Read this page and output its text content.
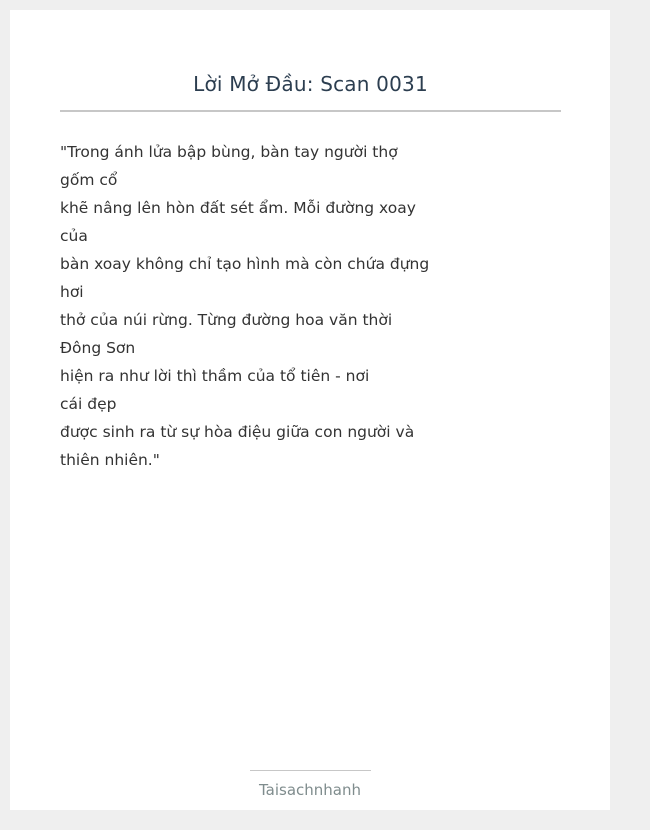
Lời Mở Đầu: Scan 0031
"Trong ánh lửa bập bùng, bàn tay người thợ
gốm cổ
khẽ nâng lên hòn đất sét ẩm. Mỗi đường xoay
của
bàn xoay không chỉ tạo hình mà còn chứa đựng
hơi
thở của núi rừng. Từng đường hoa văn thời
Đông Sơn
hiện ra như lời thì thầm của tổ tiên - nơi
cái đẹp
được sinh ra từ sự hòa điệu giữa con người và
thiên nhiên."
Taisachnhanh
